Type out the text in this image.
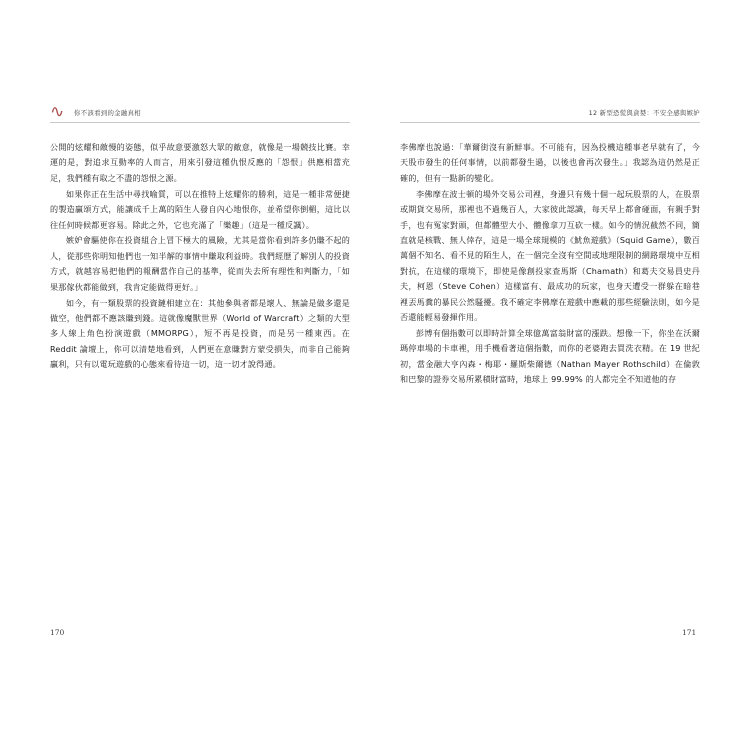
∿	你不該看到的金融真相

公開的炫耀和敵慢的姿態，似乎故意要激怒大眾的敵意，就像是一場競技比賽。幸運的是，對追求互動率的人而言，用來引發這種仇恨反應的「怨恨」供應相當充足，我們種有取之不盡的怨恨之源。

如果你正在生活中尋找喻質，可以在推特上炫耀你的勝利，這是一種非常便捷的製造贏頌方式，能讓成千上萬的陌生人發自內心地恨你，並希望你倒楣，這比以往任何時候都更容易。除此之外，它也充滿了「樂趣」（這是一種反諷）。

嫉妒會驅使你在投資組合上冒下極大的風險，尤其是當你看到許多仍賺不起的人，從那些你明知他們也一知半解的事情中賺取利益時。我們經歷了解別人的投資方式，就越容易把他們的報酬當作自己的基準，從而失去所有理性和判斷力，「如果那傢伙都能做到，我肯定能做得更好。」

如今，有一類股票的投資鏈相建立在：其他參與者都是壞人、無論是做多還是做空，他們都不應該賺到錢。這就像魔獸世界（World of Warcraft）之類的大型多人線上角色扮演遊戲（MMORPG），短不再是投資，而是另一種東西。在 Reddit 論壇上，你可以清楚地看到，人們更在意賺對方蒙受損失，而非自己能夠贏利，只有以電玩遊戲的心態來看待這一切，這一切才說得通。

12 新型恐慌與貪婪：不安全感與嫉妒

李佛摩也說過：「華爾街沒有新鮮事。不可能有，因為投機這種事老早就有了，今天股市發生的任何事情，以前都發生過，以後也會再次發生。」我認為這仍然是正確的，但有一點新的變化。

李佛摩在波士頓的場外交易公司裡，身邊只有幾十個一起玩股票的人，在股票或期貨交易所，那裡也不過幾百人，大家彼此認識，每天早上都會碰面，有親手對手，也有冤家對頭，但都體型大小、體像拿刀互砍一樣。如今的情況截然不同，簡直就是核戰、無人倖存，這是一場全球規模的《魷魚遊戲》（Squid Game），數百萬個不知名、看不見的陌生人，在一個完全沒有空間或地理限制的網路環境中互相對抗，在這樣的環境下，即使是像創投家查馬斯（Chamath）和葛夫交易員史丹夫，柯恩（Steve Cohen）這樣富有、最成功的玩家，也身天遭受一群躲在暗巷裡丟馬糞的暴民公然騷擾。我不確定李佛摩在遊戲中應載的那些經驗法則，如今是否還能輕易發揮作用。

彭博有個指數可以即時計算全球億萬富翁財富的漲跌。想像一下，你坐在沃爾瑪停車場的卡車裡，用手機看著這個指數，而你的老婆跑去買洗衣精。在 19 世紀初，當金融大亨內森・梅耶・羅斯柴爾德（Nathan Mayer Rothschild）在倫敦和巴黎的證券交易所累積財富時，地球上 99.99% 的人都完全不知道他的存

170	171
